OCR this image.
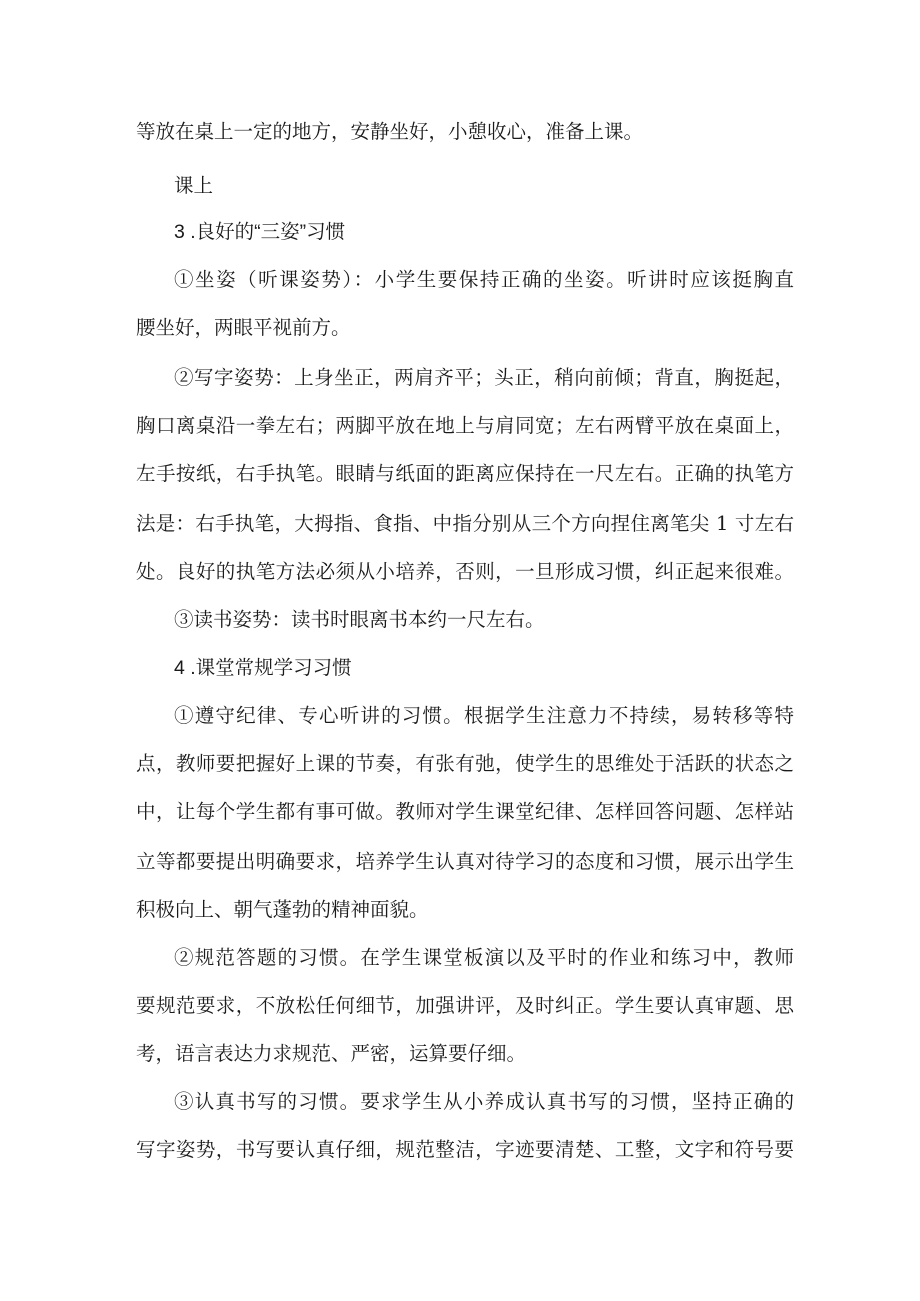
等放在桌上一定的地方，安静坐好，小憩收心，准备上课。
课上
3 .良好的“三姿”习惯
①坐姿（听课姿势）：小学生要保持正确的坐姿。听讲时应该挺胸直
腰坐好，两眼平视前方。
②写字姿势：上身坐正，两肩齐平；头正，稍向前倾；背直，胸挺起，
胸口离桌沿一拳左右；两脚平放在地上与肩同宽；左右两臂平放在桌面上，
左手按纸，右手执笔。眼睛与纸面的距离应保持在一尺左右。正确的执笔方
法是：右手执笔，大拇指、食指、中指分别从三个方向捏住离笔尖 1 寸左右
处。良好的执笔方法必须从小培养，否则，一旦形成习惯，纠正起来很难。
③读书姿势：读书时眼离书本约一尺左右。
4 .课堂常规学习习惯
①遵守纪律、专心听讲的习惯。根据学生注意力不持续，易转移等特
点，教师要把握好上课的节奏，有张有弛，使学生的思维处于活跃的状态之
中，让每个学生都有事可做。教师对学生课堂纪律、怎样回答问题、怎样站
立等都要提出明确要求，培养学生认真对待学习的态度和习惯，展示出学生
积极向上、朝气蓬勃的精神面貌。
②规范答题的习惯。在学生课堂板演以及平时的作业和练习中，教师
要规范要求，不放松任何细节，加强讲评，及时纠正。学生要认真审题、思
考，语言表达力求规范、严密，运算要仔细。
③认真书写的习惯。要求学生从小养成认真书写的习惯，坚持正确的
写字姿势，书写要认真仔细，规范整洁，字迹要清楚、工整，文字和符号要
